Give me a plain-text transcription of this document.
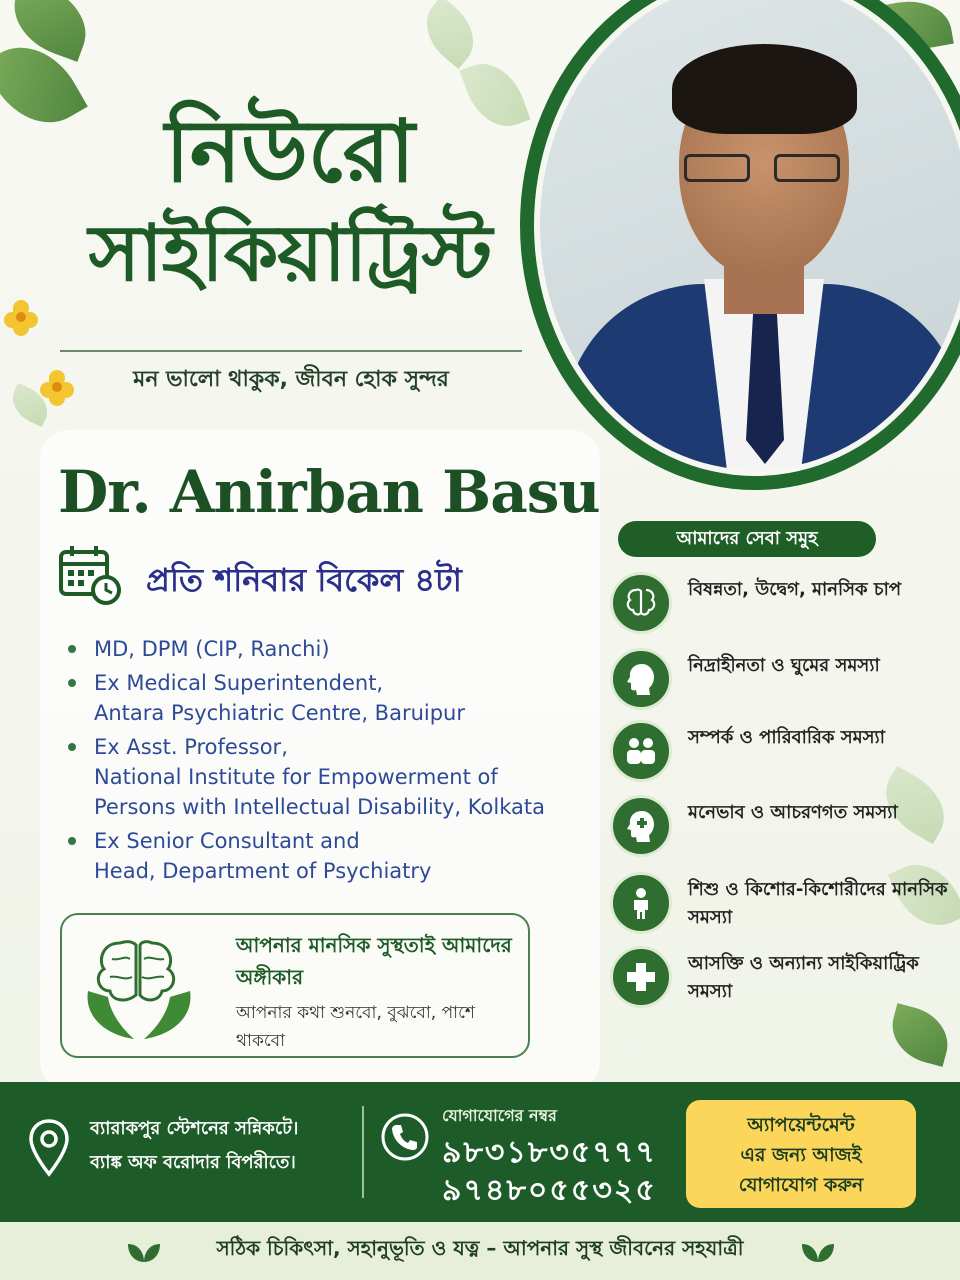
নিউরো
সাইকিয়াট্রিস্ট
মন ভালো থাকুক, জীবন হোক সুন্দর
Dr. Anirban Basu
প্রতি শনিবার বিকেল ৪টা
MD, DPM (CIP, Ranchi)
Ex Medical Superintendent,
Antara Psychiatric Centre, Baruipur
Ex Asst. Professor,
National Institute for Empowerment of
Persons with Intellectual Disability, Kolkata
Ex Senior Consultant and
Head, Department of Psychiatry
আপনার মানসিক সুস্থতাই আমাদের অঙ্গীকার
আপনার কথা শুনবো, বুঝবো, পাশে থাকবো
আমাদের সেবা সমুহ
বিষন্নতা, উদ্বেগ, মানসিক চাপ
নিদ্রাহীনতা ও ঘুমের সমস্যা
সম্পর্ক ও পারিবারিক সমস্যা
মনেভাব ও আচরণগত সমস্যা
শিশু ও কিশোর-কিশোরীদের মানসিক সমস্যা
আসক্তি ও অন্যান্য সাইকিয়াট্রিক সমস্যা
ব্যারাকপুর স্টেশনের সন্নিকটে।
ব্যাঙ্ক অফ বরোদার বিপরীতে।
যোগাযোগের নম্বর
৯৮৩১৮৩৫৭৭৭
৯৭৪৮০৫৫৩২৫
অ্যাপয়েন্টমেন্ট
এর জন্য আজই
যোগাযোগ করুন
সঠিক চিকিৎসা, সহানুভূতি ও যত্ন – আপনার সুস্থ জীবনের সহযাত্রী
